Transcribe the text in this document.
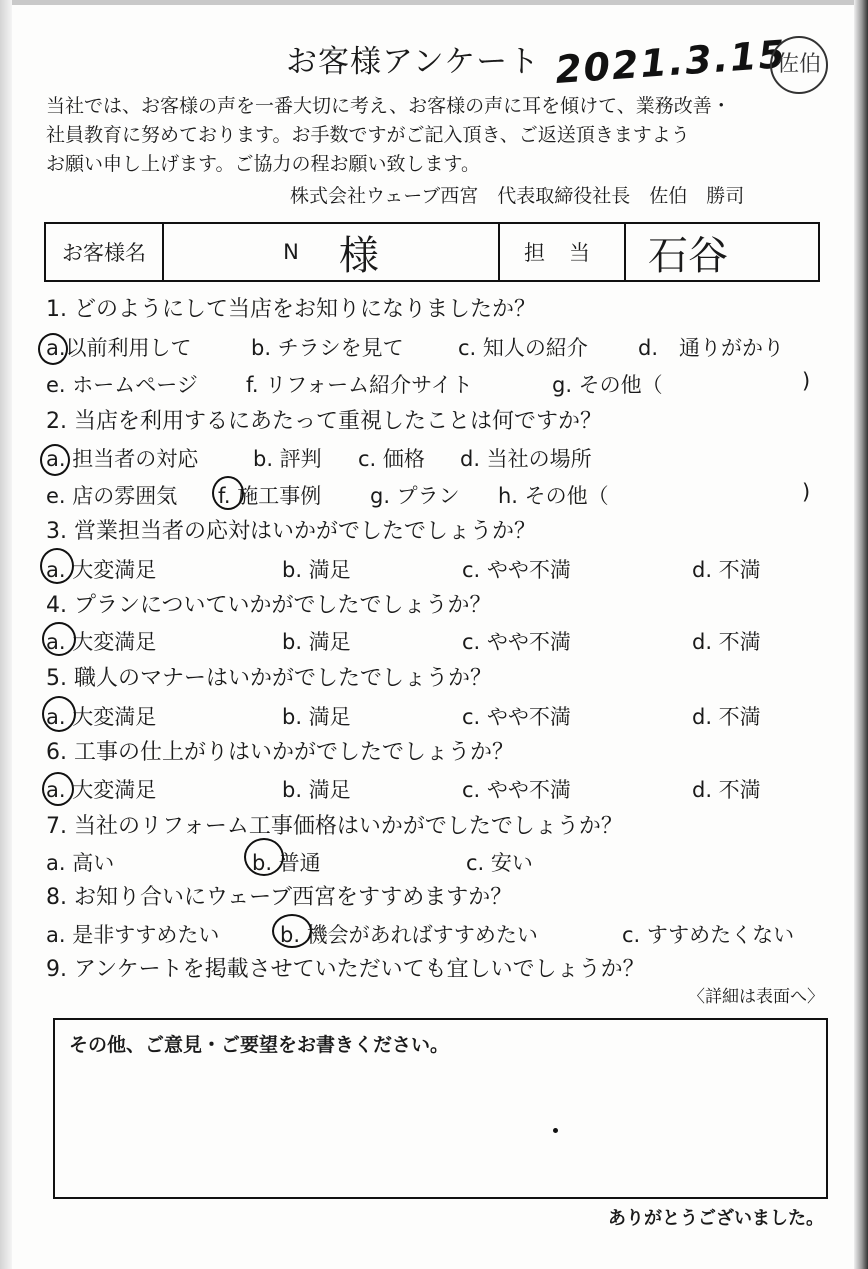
お客様アンケート 2021.3.15
佐伯
当社では、お客様の声を一番大切に考え、お客様の声に耳を傾けて、業務改善・
社員教育に努めております。お手数ですがご記入頂き、ご返送頂きますよう
お願い申し上げます。ご協力の程お願い致します。
株式会社ウェーブ西宮　代表取締役社長　佐伯　勝司
お客様名	N 様	担当 石谷
1. どのようにして当店をお知りになりましたか？
a.以前利用して	b. チラシを見て	c. 知人の紹介 d.　通りがかり
e. ホームページ f. リフォーム紹介サイト	g. その他（	)
2. 当店を利用するにあたって重視したことは何ですか？
a. 担当者の対応	b. 評判 c. 価格 d. 当社の場所
e. 店の雰囲気 f. 施工事例 g. プラン h. その他（	)
3. 営業担当者の応対はいかがでしたでしょうか？
a. 大変満足	b. 満足	c. やや不満	d. 不満
4. プランについていかがでしたでしょうか？
a. 大変満足	b. 満足	c. やや不満	d. 不満
5. 職人のマナーはいかがでしたでしょうか？
a. 大変満足	b. 満足	c. やや不満	d. 不満
6. 工事の仕上がりはいかがでしたでしょうか？
a. 大変満足	b. 満足	c. やや不満	d. 不満
7. 当社のリフォーム工事価格はいかがでしたでしょうか？
a. 高い	b. 普通	c. 安い
8. お知り合いにウェーブ西宮をすすめますか？
a. 是非すすめたい	b. 機会があればすすめたい	c. すすめたくない
9. アンケートを掲載させていただいても宜しいでしょうか？
〈詳細は表面へ〉
その他、ご意見・ご要望をお書きください。
ありがとうございました。
